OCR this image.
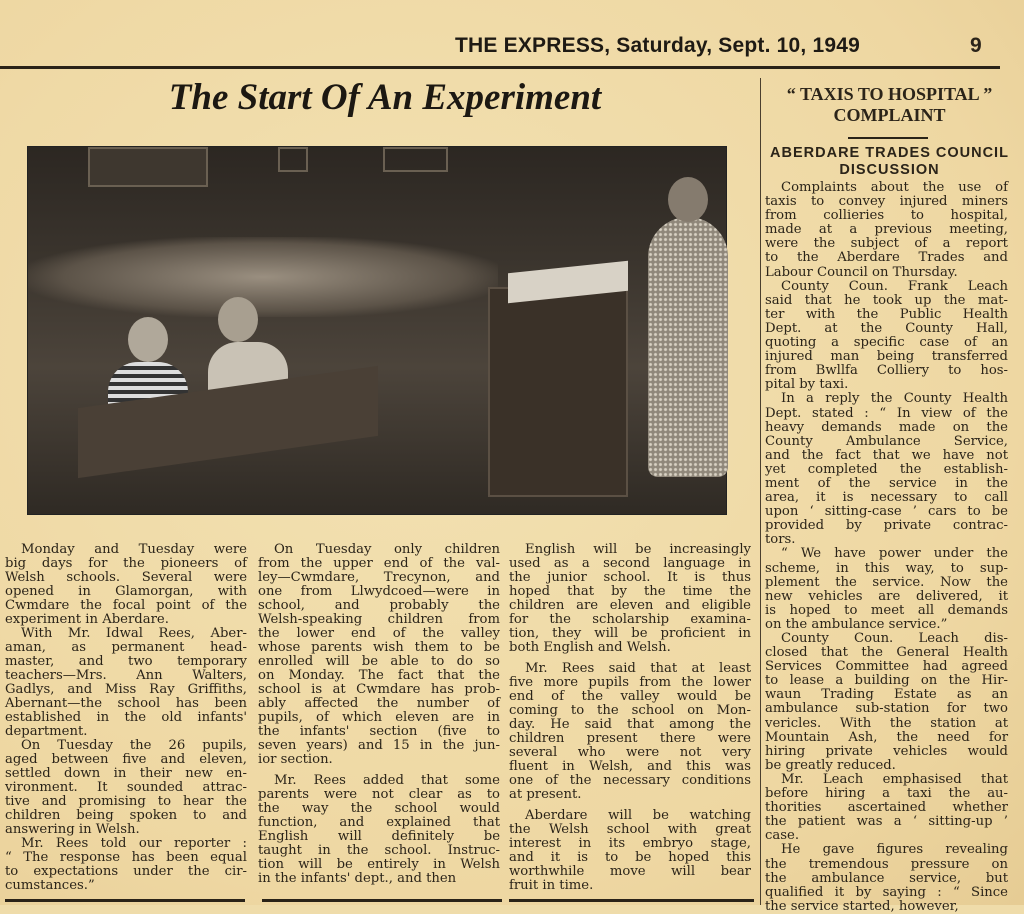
THE EXPRESS, Saturday, Sept. 10, 1949	9
The Start Of An Experiment
Monday and Tuesday were
big days for the pioneers of
Welsh schools. Several were
opened in Glamorgan, with
Cwmdare the focal point of the
experiment in Aberdare.
With Mr. Idwal Rees, Aber-
aman, as permanent head-
master, and two temporary
teachers—Mrs. Ann Walters,
Gadlys, and Miss Ray Griffiths,
Abernant—the school has been
established in the old infants'
department.
On Tuesday the 26 pupils,
aged between five and eleven,
settled down in their new en-
vironment. It sounded attrac-
tive and promising to hear the
children being spoken to and
answering in Welsh.
Mr. Rees told our reporter :
“ The response has been equal
to expectations under the cir-
cumstances.”
On Tuesday only children
from the upper end of the val-
ley—Cwmdare, Trecynon, and
one from Llwydcoed—were in
school, and probably the
Welsh-speaking children from
the lower end of the valley
whose parents wish them to be
enrolled will be able to do so
on Monday. The fact that the
school is at Cwmdare has prob-
ably affected the number of
pupils, of which eleven are in
the infants' section (five to
seven years) and 15 in the jun-
ior section.
Mr. Rees added that some
parents were not clear as to
the way the school would
function, and explained that
English will definitely be
taught in the school. Instruc-
tion will be entirely in Welsh
in the infants' dept., and then
English will be increasingly
used as a second language in
the junior school. It is thus
hoped that by the time the
children are eleven and eligible
for the scholarship examina-
tion, they will be proficient in
both English and Welsh.
Mr. Rees said that at least
five more pupils from the lower
end of the valley would be
coming to the school on Mon-
day. He said that among the
children present there were
several who were not very
fluent in Welsh, and this was
one of the necessary conditions
at present.
Aberdare will be watching
the Welsh school with great
interest in its embryo stage,
and it is to be hoped this
worthwhile move will bear
fruit in time.
“ TAXIS TO HOSPITAL ” COMPLAINT
ABERDARE TRADES COUNCIL DISCUSSION
Complaints about the use of
taxis to convey injured miners
from collieries to hospital,
made at a previous meeting,
were the subject of a report
to the Aberdare Trades and
Labour Council on Thursday.
County Coun. Frank Leach
said that he took up the mat-
ter with the Public Health
Dept. at the County Hall,
quoting a specific case of an
injured man being transferred
from Bwllfa Colliery to hos-
pital by taxi.
In a reply the County Health
Dept. stated : “ In view of the
heavy demands made on the
County Ambulance Service,
and the fact that we have not
yet completed the establish-
ment of the service in the
area, it is necessary to call
upon ‘ sitting-case ’ cars to be
provided by private contrac-
tors.
“ We have power under the
scheme, in this way, to sup-
plement the service. Now the
new vehicles are delivered, it
is hoped to meet all demands
on the ambulance service.”
County Coun. Leach dis-
closed that the General Health
Services Committee had agreed
to lease a building on the Hir-
waun Trading Estate as an
ambulance sub-station for two
vericles. With the station at
Mountain Ash, the need for
hiring private vehicles would
be greatly reduced.
Mr. Leach emphasised that
before hiring a taxi the au-
thorities ascertained whether
the patient was a ‘ sitting-up ’
case.
He gave figures revealing
the tremendous pressure on
the ambulance service, but
qualified it by saying : “ Since
the service started, however,
